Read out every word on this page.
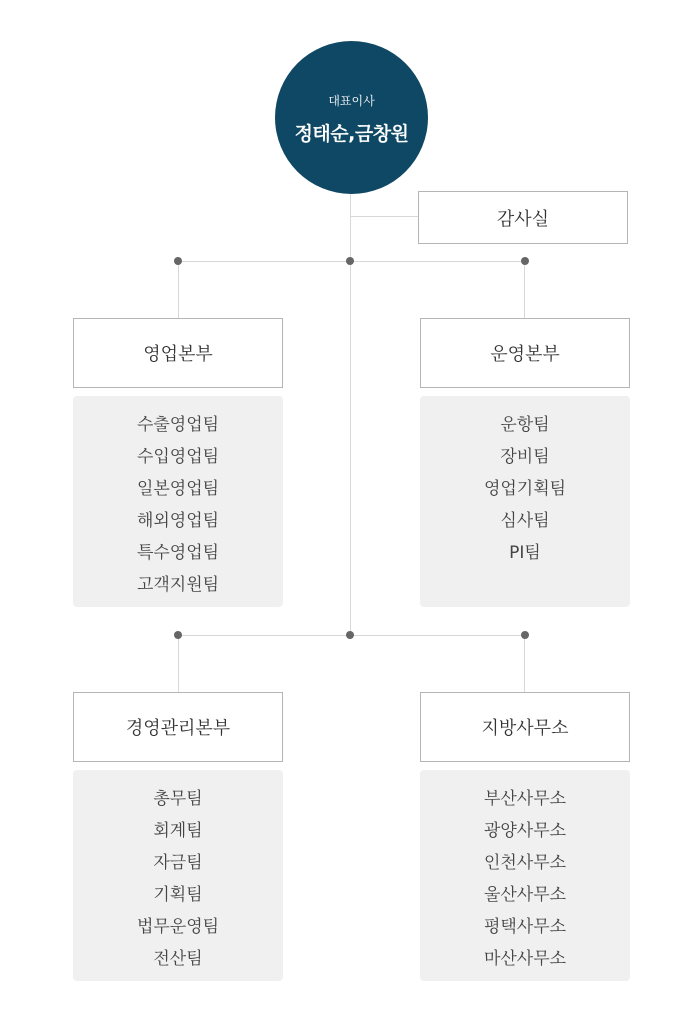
대표이사
정태순,금창원
감사실
영업본부
수출영업팀
수입영업팀
일본영업팀
해외영업팀
특수영업팀
고객지원팀
운영본부
운항팀
장비팀
영업기획팀
심사팀
PI팀
경영관리본부
총무팀
회계팀
자금팀
기획팀
법무운영팀
전산팀
지방사무소
부산사무소
광양사무소
인천사무소
울산사무소
평택사무소
마산사무소
